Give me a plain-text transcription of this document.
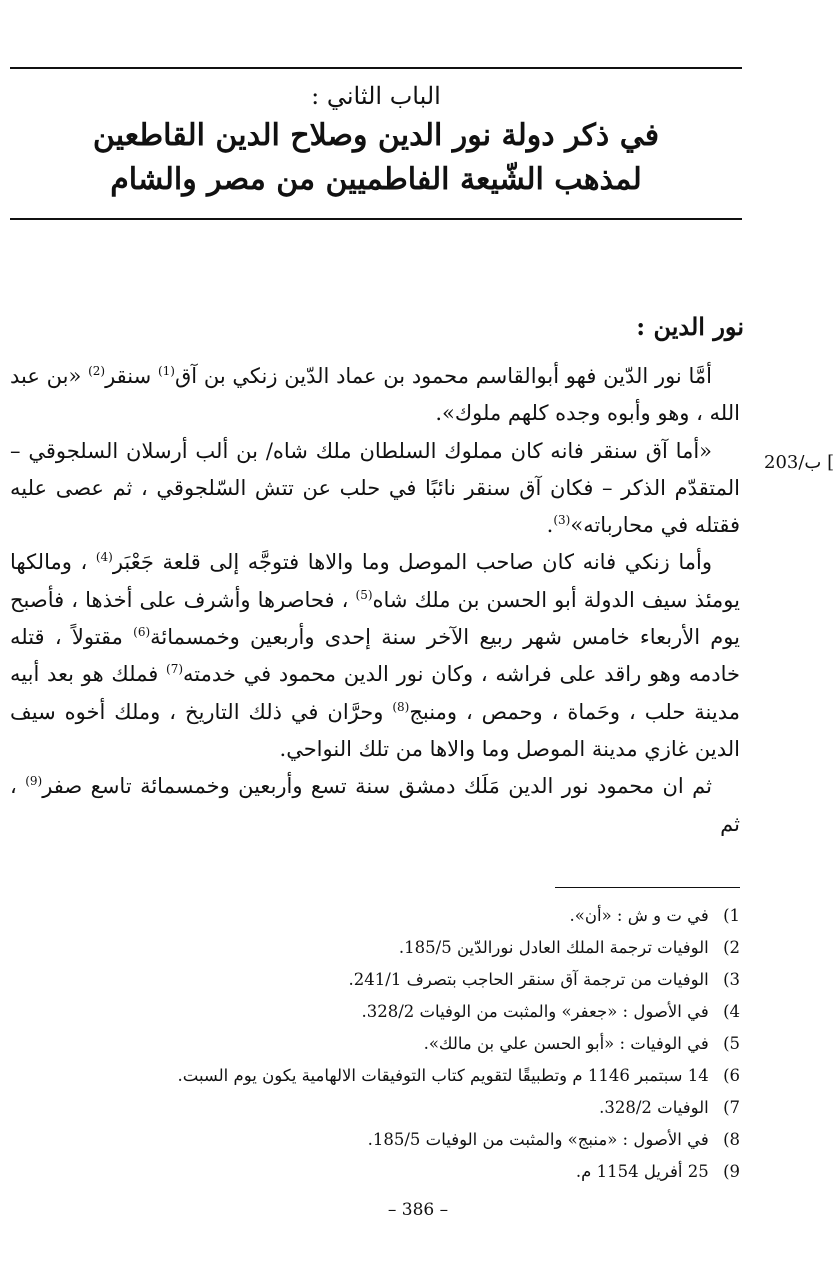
الباب الثاني :
في ذكر دولة نور الدين وصلاح الدين القاطعين
لمذهب الشّيعة الفاطميين من مصر والشام
نور الدين :
203/ب [

أمَّا نور الدّين فهو أبوالقاسم محمود بن عماد الدّين زنكي بن آق$^{(1)}$ سنقر$^{(2)}$ «بن عبد الله ، وهو وأبوه وجده كلهم ملوك».

«أما آق سنقر فانه كان مملوك السلطان ملك شاه/ بن ألب أرسلان السلجوقي – المتقدّم الذكر – فكان آق سنقر نائبًا في حلب عن تتش السّلجوقي ، ثم عصى عليه فقتله في محارباته»$^{(3)}$.

وأما زنكي فانه كان صاحب الموصل وما والاها فتوجَّه إلى قلعة جَعْبَر$^{(4)}$ ، ومالكها يومئذ سيف الدولة أبو الحسن بن ملك شاه$^{(5)}$ ، فحاصرها وأشرف على أخذها ، فأصبح يوم الأربعاء خامس شهر ربيع الآخر سنة إحدى وأربعين وخمسمائة$^{(6)}$ مقتولاً ، قتله خادمه وهو راقد على فراشه ، وكان نور الدين محمود في خدمته$^{(7)}$ فملك هو بعد أبيه مدينة حلب ، وحَماة ، وحمص ، ومنبج$^{(8)}$ وحرَّان في ذلك التاريخ ، وملك أخوه سيف الدين غازي مدينة الموصل وما والاها من تلك النواحي.

ثم ان محمود نور الدين مَلَك دمشق سنة تسع وأربعين وخمسمائة تاسع صفر$^{(9)}$ ، ثم

1) في ت و ش : «أن».
2) الوفيات ترجمة الملك العادل نورالدّين 185/5.
3) الوفيات من ترجمة آق سنقر الحاجب بتصرف 241/1.
4) في الأصول : «جعفر» والمثبت من الوفيات 328/2.
5) في الوفيات : «أبو الحسن علي بن مالك».
6) 14 سبتمبر 1146 م وتطبيقًا لتقويم كتاب التوفيقات الالهامية يكون يوم السبت.
7) الوفيات 328/2.
8) في الأصول : «منبج» والمثبت من الوفيات 185/5.
9) 25 أفريل 1154 م.
– 386 –
